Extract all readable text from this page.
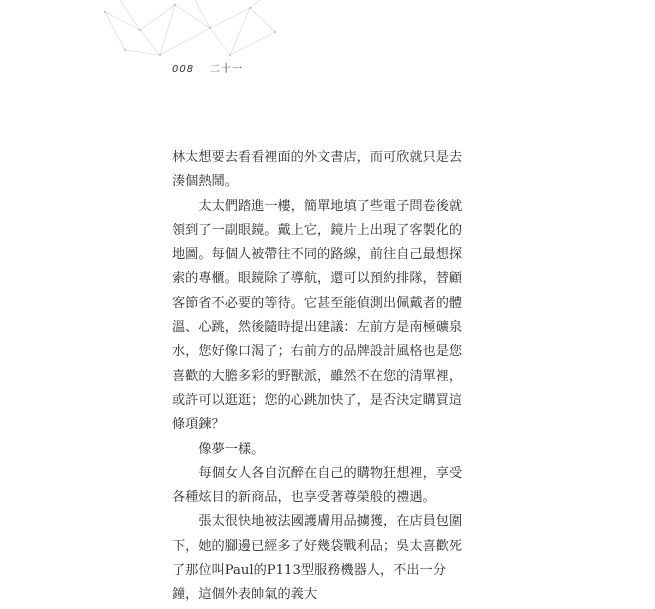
008 二十一

林太想要去看看裡面的外文書店，而可欣就只是去湊個熱鬧。

太太們踏進一樓，簡單地填了些電子問卷後就領到了一副眼鏡。戴上它，鏡片上出現了客製化的地圖。每個人被帶往不同的路線，前往自己最想探索的專櫃。眼鏡除了導航，還可以預約排隊，替顧客節省不必要的等待。它甚至能偵測出佩戴者的體溫、心跳，然後隨時提出建議：左前方是南極礦泉水，您好像口渴了；右前方的品牌設計風格也是您喜歡的大膽多彩的野獸派，雖然不在您的清單裡，或許可以逛逛；您的心跳加快了，是否決定購買這條項鍊？

像夢一樣。

每個女人各自沉醉在自己的購物狂想裡，享受各種炫目的新商品，也享受著尊榮般的禮遇。

張太很快地被法國護膚用品擄獲，在店員包圍下，她的腳邊已經多了好幾袋戰利品；吳太喜歡死了那位叫Paul的P113型服務機器人，不出一分鐘，這個外表帥氣的義大
